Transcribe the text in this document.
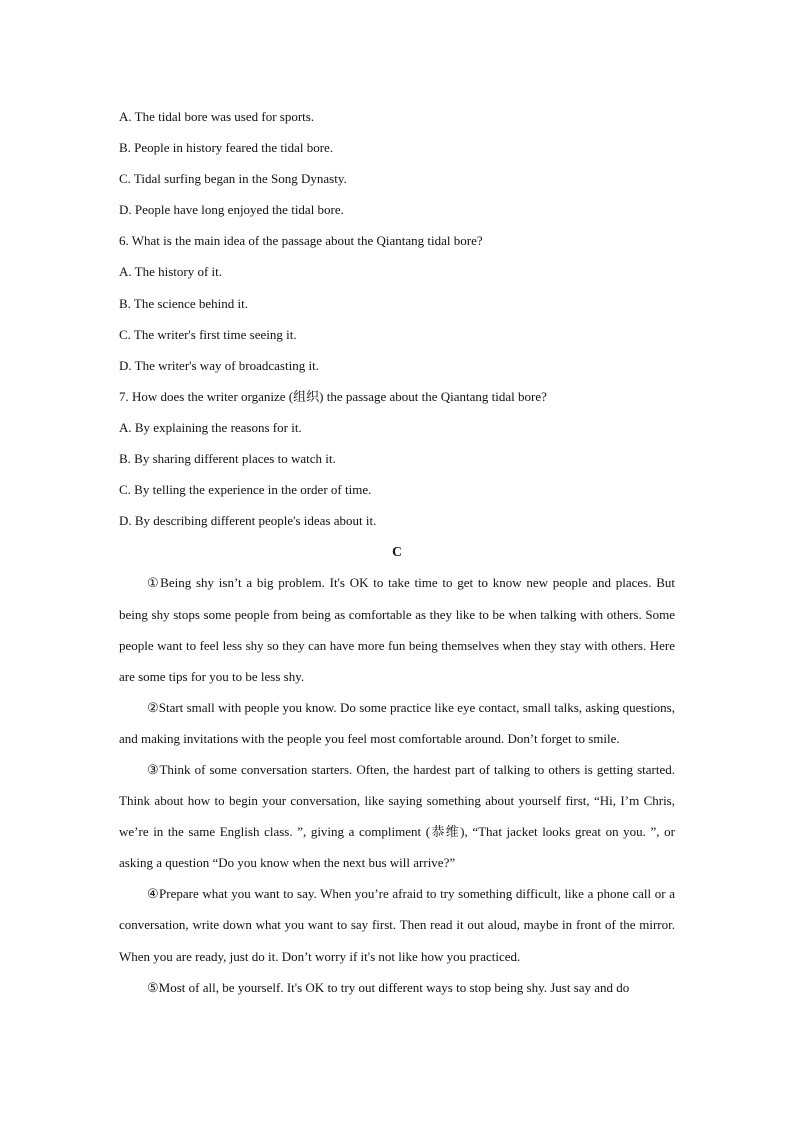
A. The tidal bore was used for sports.
B. People in history feared the tidal bore.
C. Tidal surfing began in the Song Dynasty.
D. People have long enjoyed the tidal bore.
6. What is the main idea of the passage about the Qiantang tidal bore?
A. The history of it.
B. The science behind it.
C. The writer's first time seeing it.
D. The writer's way of broadcasting it.
7. How does the writer organize (组织) the passage about the Qiantang tidal bore?
A. By explaining the reasons for it.
B. By sharing different places to watch it.
C. By telling the experience in the order of time.
D. By describing different people's ideas about it.
C

①Being shy isn’t a big problem. It's OK to take time to get to know new people and places. But being shy stops some people from being as comfortable as they like to be when talking with others. Some people want to feel less shy so they can have more fun being themselves when they stay with others. Here are some tips for you to be less shy.

②Start small with people you know. Do some practice like eye contact, small talks, asking questions, and making invitations with the people you feel most comfortable around. Don’t forget to smile.

③Think of some conversation starters. Often, the hardest part of talking to others is getting started. Think about how to begin your conversation, like saying something about yourself first, “Hi, I’m Chris, we’re in the same English class. ”, giving a compliment (恭维), “That jacket looks great on you. ”, or asking a question “Do you know when the next bus will arrive?”

④Prepare what you want to say. When you’re afraid to try something difficult, like a phone call or a conversation, write down what you want to say first. Then read it out aloud, maybe in front of the mirror. When you are ready, just do it. Don’t worry if it's not like how you practiced.

⑤Most of all, be yourself. It's OK to try out different ways to stop being shy. Just say and do
